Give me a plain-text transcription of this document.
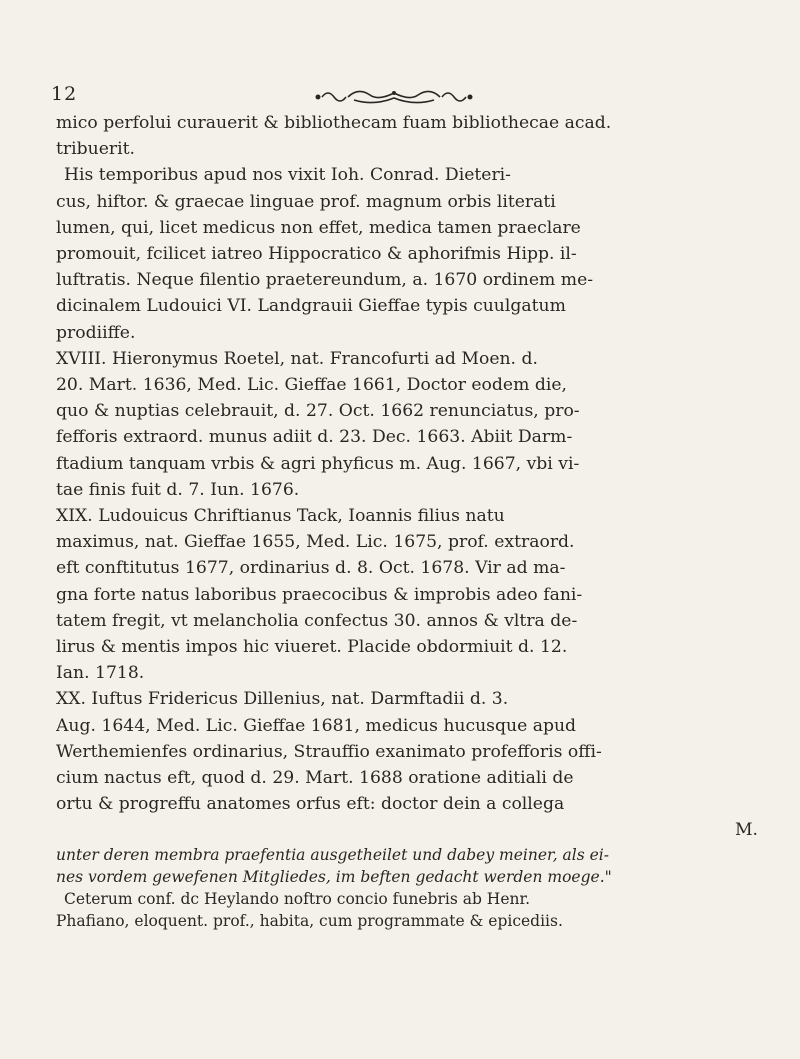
12
mico perfolui curauerit & bibliothecam fuam bibliothecae acad.
tribuerit.
His temporibus apud nos vixit Ioh. Conrad. Dieteri-
cus, hiftor. & graecae linguae prof. magnum orbis literati
lumen, qui, licet medicus non effet, medica tamen praeclare
promouit, fcilicet iatreo Hippocratico & aphorifmis Hipp. il-
luftratis. Neque filentio praetereundum, a. 1670 ordinem me-
dicinalem Ludouici VI. Landgrauii Gieffae typis cuulgatum
prodiiffe.
XVIII. Hieronymus Roetel, nat. Francofurti ad Moen. d.
20. Mart. 1636, Med. Lic. Gieffae 1661, Doctor eodem die,
quo & nuptias celebrauit, d. 27. Oct. 1662 renunciatus, pro-
fefforis extraord. munus adiit d. 23. Dec. 1663. Abiit Darm-
ftadium tanquam vrbis & agri phyficus m. Aug. 1667, vbi vi-
tae finis fuit d. 7. Iun. 1676.
XIX. Ludouicus Chriftianus Tack, Ioannis filius natu
maximus, nat. Gieffae 1655, Med. Lic. 1675, prof. extraord.
eft conftitutus 1677, ordinarius d. 8. Oct. 1678. Vir ad ma-
gna forte natus laboribus praecocibus & improbis adeo fani-
tatem fregit, vt melancholia confectus 30. annos & vltra de-
lirus & mentis impos hic viueret. Placide obdormiuit d. 12.
Ian. 1718.
XX. Iuftus Fridericus Dillenius, nat. Darmftadii d. 3.
Aug. 1644, Med. Lic. Gieffae 1681, medicus hucusque apud
Werthemienfes ordinarius, Strauffio exanimato profefforis offi-
cium nactus eft, quod d. 29. Mart. 1688 oratione aditiali de
ortu & progreffu anatomes orfus eft: doctor dein a collega
M.
unter deren membra praefentia ausgetheilet und dabey meiner, als ei-
nes vordem gewefenen Mitgliedes, im beften gedacht werden moege."
Ceterum conf. dc Heylando noftro concio funebris ab Henr.
Phafiano, eloquent. prof., habita, cum programmate & epicediis.
